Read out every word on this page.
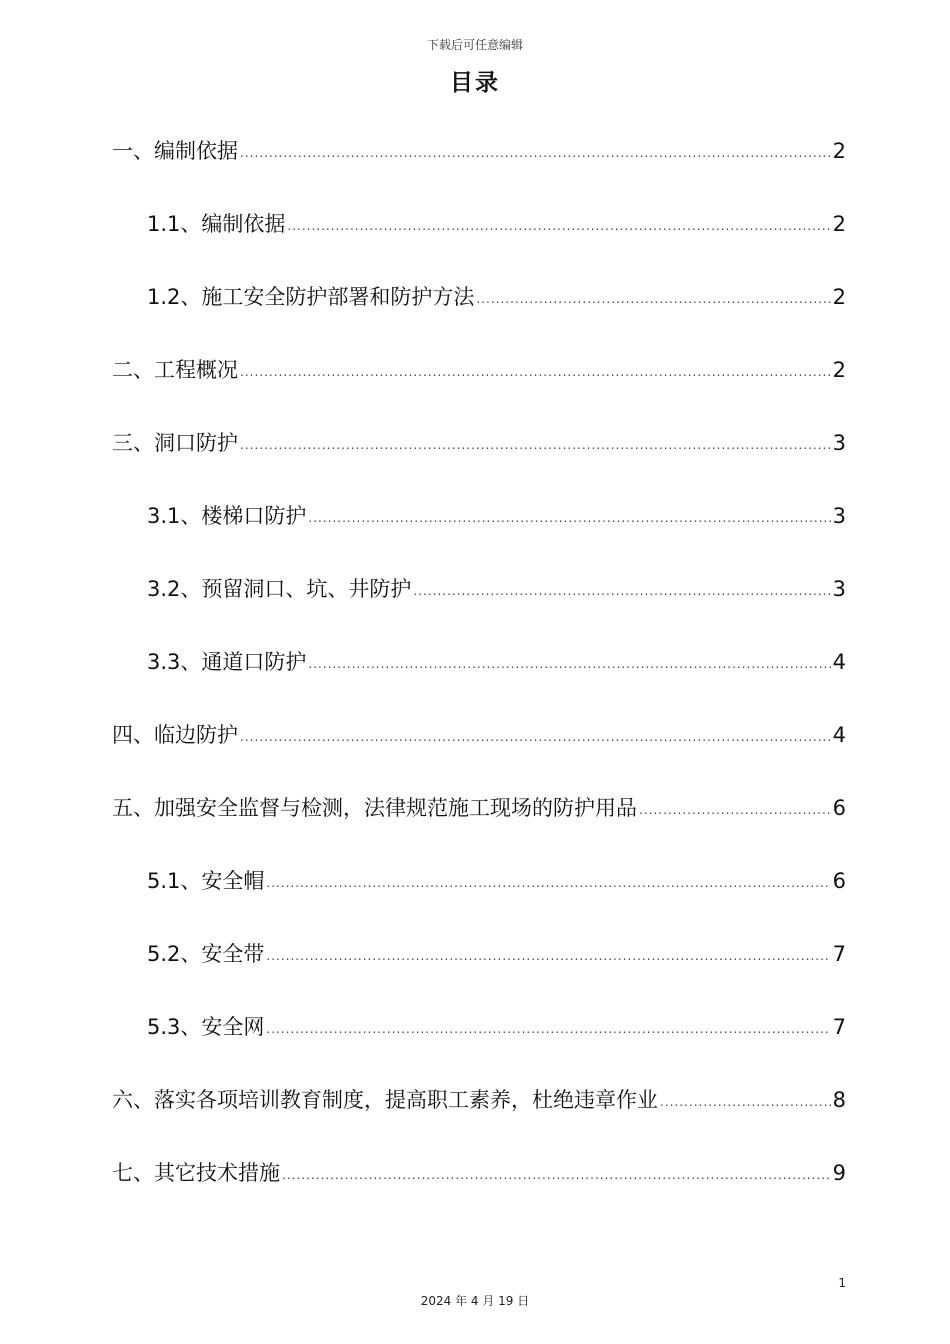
下载后可任意编辑
目录
一、编制依据 .....	2
1.1、编制依据 .....	2
1.2、施工安全防护部署和防护方法 .....	2
二、工程概况 .....	2
三、洞口防护 .....	3
3.1、楼梯口防护 .....	3
3.2、预留洞口、坑、井防护 .....	3
3.3、通道口防护 .....	4
四、临边防护 .....	4
五、加强安全监督与检测，法律规范施工现场的防护用品 .....	6
5.1、安全帽 .....	6
5.2、安全带 .....	7
5.3、安全网 .....	7
六、落实各项培训教育制度，提高职工素养，杜绝违章作业 .....	8
七、其它技术措施 .....	9
1
2024 年 4 月 19 日
